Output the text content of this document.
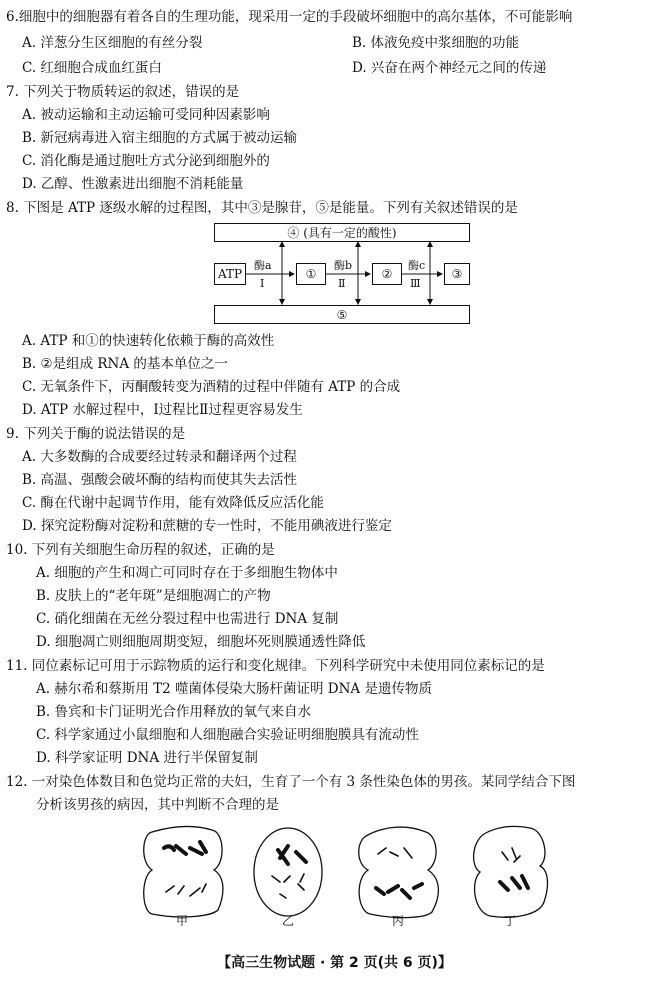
6.细胞中的细胞器有着各自的生理功能，现采用一定的手段破坏细胞中的高尔基体，不可能影响
A. 洋葱分生区细胞的有丝分裂	B. 体液免疫中浆细胞的功能
C. 红细胞合成血红蛋白	D. 兴奋在两个神经元之间的传递
7. 下列关于物质转运的叙述，错误的是
A. 被动运输和主动运输可受同种因素影响
B. 新冠病毒进入宿主细胞的方式属于被动运输
C. 消化酶是通过胞吐方式分泌到细胞外的
D. 乙醇、性激素进出细胞不消耗能量
8. 下图是 ATP 逐级水解的过程图，其中③是腺苷，⑤是能量。下列有关叙述错误的是
④ (具有一定的酸性)
ATP	①	②	③
⑤
酶a	酶b	酶c
Ⅰ	Ⅱ	Ⅲ
A. ATP 和①的快速转化依赖于酶的高效性
B. ②是组成 RNA 的基本单位之一
C. 无氧条件下，丙酮酸转变为酒精的过程中伴随有 ATP 的合成
D. ATP 水解过程中，Ⅰ过程比Ⅱ过程更容易发生
9. 下列关于酶的说法错误的是
A. 大多数酶的合成要经过转录和翻译两个过程
B. 高温、强酸会破坏酶的结构而使其失去活性
C. 酶在代谢中起调节作用，能有效降低反应活化能
D. 探究淀粉酶对淀粉和蔗糖的专一性时，不能用碘液进行鉴定
10. 下列有关细胞生命历程的叙述，正确的是
A. 细胞的产生和凋亡可同时存在于多细胞生物体中
B. 皮肤上的“老年斑”是细胞凋亡的产物
C. 硝化细菌在无丝分裂过程中也需进行 DNA 复制
D. 细胞凋亡则细胞周期变短，细胞坏死则膜通透性降低
11. 同位素标记可用于示踪物质的运行和变化规律。下列科学研究中未使用同位素标记的是
A. 赫尔希和蔡斯用 T2 噬菌体侵染大肠杆菌证明 DNA 是遗传物质
B. 鲁宾和卡门证明光合作用释放的氧气来自水
C. 科学家通过小鼠细胞和人细胞融合实验证明细胞膜具有流动性
D. 科学家证明 DNA 进行半保留复制
12. 一对染色体数目和色觉均正常的夫妇，生育了一个有 3 条性染色体的男孩。某同学结合下图
分析该男孩的病因，其中判断不合理的是
甲	乙	丙	丁
【高三生物试题 · 第 2 页(共 6 页)】
